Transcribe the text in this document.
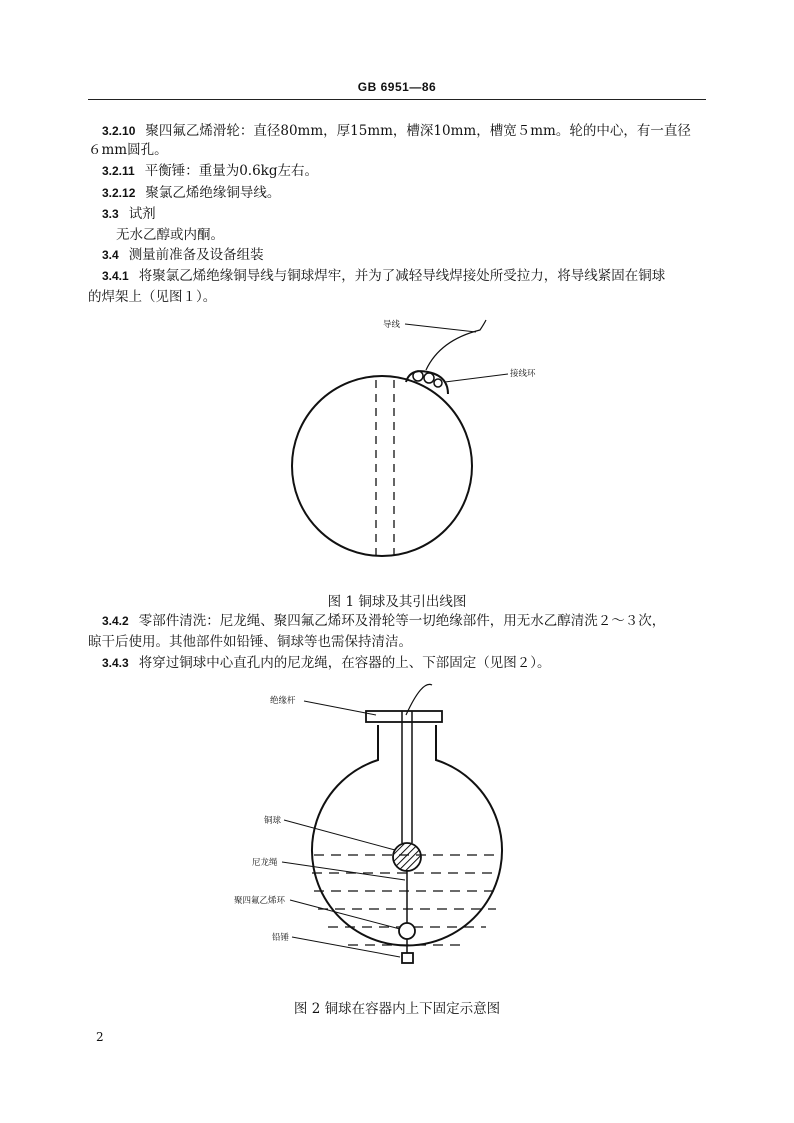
GB 6951—86
3.2.10 聚四氟乙烯滑轮：直径80mm，厚15mm，槽深10mm，槽宽５mm。轮的中心，有一直径
６mm圆孔。
3.2.11 平衡锤：重量为0.6kg左右。
3.2.12 聚氯乙烯绝缘铜导线。
3.3 试剂
无水乙醇或内酮。
3.4 测量前准备及设备组装
3.4.1 将聚氯乙烯绝缘铜导线与铜球焊牢，并为了减轻导线焊接处所受拉力，将导线紧固在铜球
的焊架上（见图１）。
导线
接线环
图 1 铜球及其引出线图
3.4.2 零部件清洗：尼龙绳、聚四氟乙烯环及滑轮等一切绝缘部件，用无水乙醇清洗２～３次，
晾干后使用。其他部件如铅锤、铜球等也需保持清洁。
3.4.3 将穿过铜球中心直孔内的尼龙绳，在容器的上、下部固定（见图２）。
绝缘杆
铜球
尼龙绳
聚四氟乙烯环
铅锤
图 2 铜球在容器内上下固定示意图
2
